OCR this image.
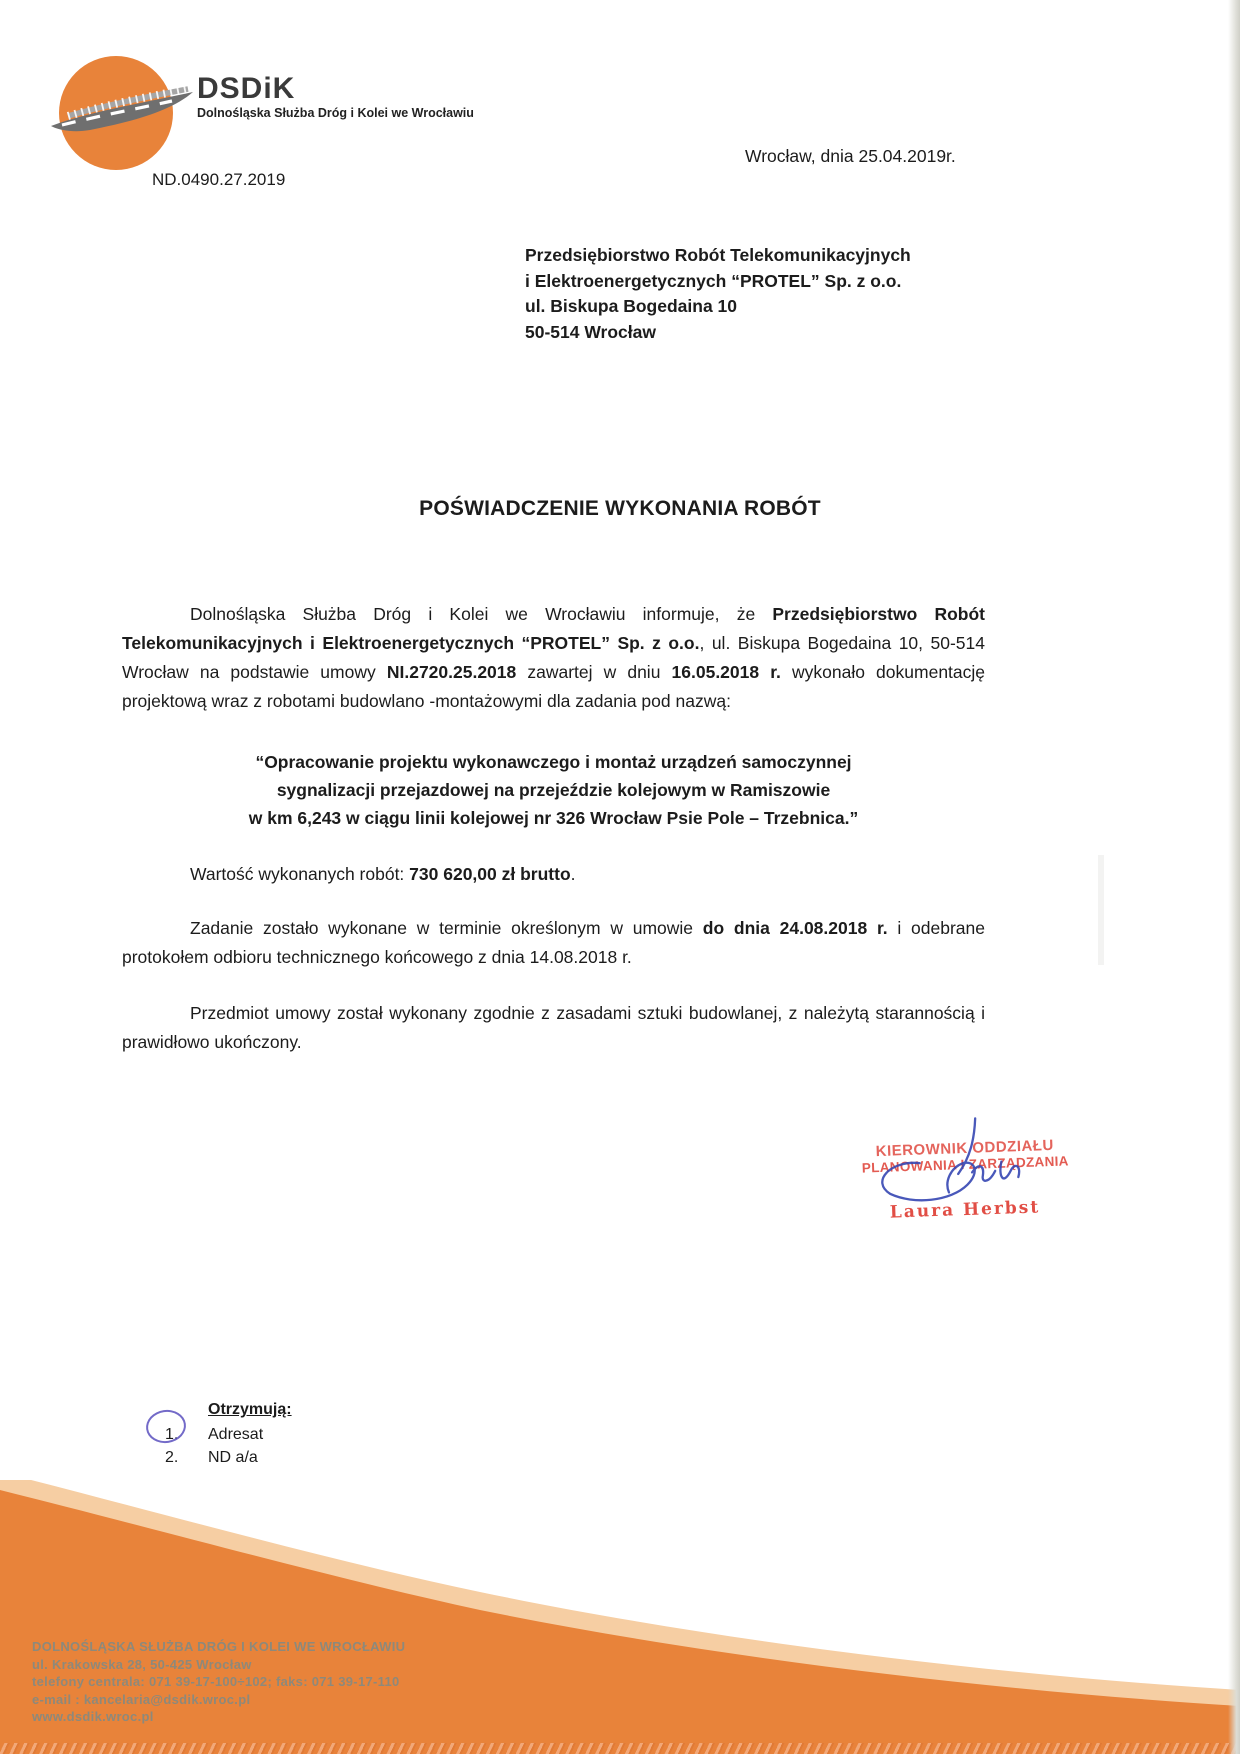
DSDiK
Dolnośląska Służba Dróg i Kolei we Wrocławiu
ND.0490.27.2019
Wrocław, dnia 25.04.2019r.
Przedsiębiorstwo Robót Telekomunikacyjnych
i Elektroenergetycznych “PROTEL” Sp. z o.o.
ul. Biskupa Bogedaina 10
50-514 Wrocław
POŚWIADCZENIE WYKONANIA ROBÓT
Dolnośląska Służba Dróg i Kolei we Wrocławiu informuje, że Przedsiębiorstwo Robót Telekomunikacyjnych i Elektroenergetycznych “PROTEL” Sp. z o.o., ul. Biskupa Bogedaina 10, 50-514 Wrocław na podstawie umowy NI.2720.25.2018 zawartej w dniu 16.05.2018 r. wykonało dokumentację projektową wraz z robotami budowlano -montażowymi dla zadania pod nazwą:
“Opracowanie projektu wykonawczego i montaż urządzeń samoczynnej
sygnalizacji przejazdowej na przejeździe kolejowym w Ramiszowie
w km 6,243 w ciągu linii kolejowej nr 326 Wrocław Psie Pole – Trzebnica.”
Wartość wykonanych robót: 730 620,00 zł brutto.
Zadanie zostało wykonane w terminie określonym w umowie do dnia 24.08.2018 r. i odebrane protokołem odbioru technicznego końcowego z dnia 14.08.2018 r.
Przedmiot umowy został wykonany zgodnie z zasadami sztuki budowlanej, z należytą starannością i prawidłowo ukończony.
KIEROWNIK ODDZIAŁU
PLANOWANIA I ZARZĄDZANIA
Laura Herbst
Otrzymują:
1.	Adresat
2.	ND a/a
DOLNOŚLĄSKA SŁUŻBA DRÓG I KOLEI WE WROCŁAWIU
ul. Krakowska 28, 50-425 Wrocław
telefony centrala: 071 39-17-100÷102; faks: 071 39-17-110
e-mail : kancelaria@dsdik.wroc.pl
www.dsdik.wroc.pl
